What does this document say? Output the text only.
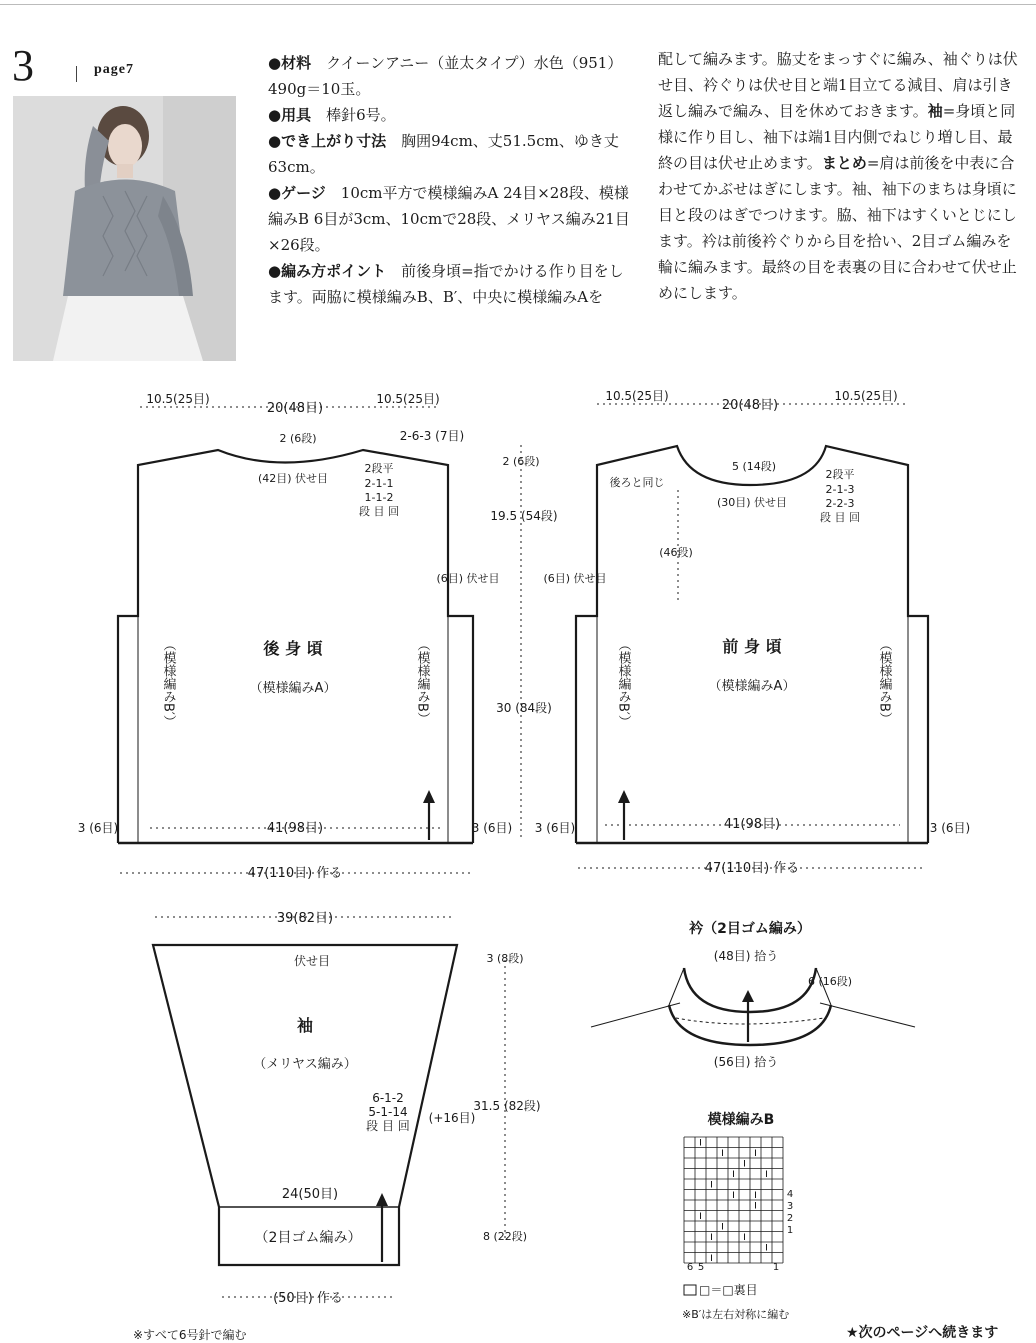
3	page7	●材料　クイーンアニー（並太タイプ）水色（951）490g＝10玉。

●用具　棒針6号。

●でき上がり寸法　胸囲94cm、丈51.5cm、ゆき丈63cm。

●ゲージ　10cm平方で模様編みA 24目×28段、模様編みB 6目が3cm、10cmで28段、メリヤス編み21目×26段。

●編み方ポイント　前後身頃=指でかける作り目をします。両脇に模様編みB、B′、中央に模様編みAを

配して編みます。脇丈をまっすぐに編み、袖ぐりは伏せ目、衿ぐりは伏せ目と端1目立てる減目、肩は引き返し編みで編み、目を休めておきます。袖=身頃と同様に作り目し、袖下は端1目内側でねじり増し目、最終の目は伏せ止めます。まとめ=肩は前後を中表に合わせてかぶせはぎにします。袖、袖下のまちは身頃に目と段のはぎでつけます。脇、袖下はすくいとじにします。衿は前後衿ぐりから目を拾い、2目ゴム編みを輪に編みます。最終の目を表裏の目に合わせて伏せ止めにします。

10.5(25目)
20(48目)
10.5(25目)
2 (6段)	2-6-3 (7目)
(42目) 伏せ目
2段平
2-1-1
1-1-2
段 目 回
(6目) 伏せ目
後 身 頃
（模様編みA）
（模様編みB′）	（模様編みB）
41(98目)
3 (6目)	3 (6目)
47(110目) 作る
2 (6段)
19.5 (54段)
30 (84段)
10.5(25目)
20(48目)
10.5(25目)
後ろと同じ
5 (14段)
(46段)
(30目) 伏せ目
2段平
2-1-3
2-2-3
段 目 回
(6目) 伏せ目
前 身 頃
（模様編みA）
（模様編みB′）	（模様編みB）
41(98目)
3 (6目)	3 (6目)
47(110目) 作る
39(82目)
伏せ目	3 (8段)
袖
（メリヤス編み）
31.5 (82段)
6-1-2
5-1-14
段 目 回
(+16目)
24(50目)
（2目ゴム編み）	8 (22段)
(50目) 作る
衿（2目ゴム編み）
(48目) 拾う
6 (16段)
(56目) 拾う
模様編みB
4
3
2
1
6 5	1
□＝□裏目
※B′は左右対称に編む
※すべて6号針で編む	★次のページへ続きます
